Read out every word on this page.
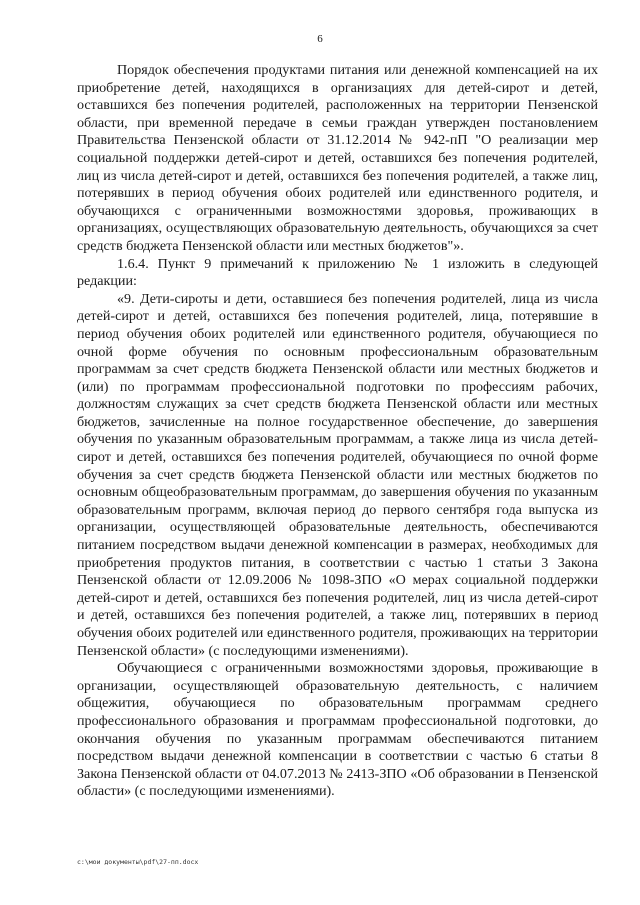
6

Порядок обеспечения продуктами питания или денежной компенсацией на их приобретение детей, находящихся в организациях для детей-сирот и детей, оставшихся без попечения родителей, расположенных на территории Пензенской области, при временной передаче в семьи граждан утвержден постановлением Правительства Пензенской области от 31.12.2014 № 942-пП "О реализации мер социальной поддержки детей-сирот и детей, оставшихся без попечения родителей, лиц из числа детей-сирот и детей, оставшихся без попечения родителей, а также лиц, потерявших в период обучения обоих родителей или единственного родителя, и обучающихся с ограниченными возможностями здоровья, проживающих в организациях, осуществляющих образовательную деятельность, обучающихся за счет средств бюджета Пензенской области или местных бюджетов"».

1.6.4. Пункт 9 примечаний к приложению № 1 изложить в следующей редакции:

«9. Дети-сироты и дети, оставшиеся без попечения родителей, лица из числа детей-сирот и детей, оставшихся без попечения родителей, лица, потерявшие в период обучения обоих родителей или единственного родителя, обучающиеся по очной форме обучения по основным профессиональным образовательным программам за счет средств бюджета Пензенской области или местных бюджетов и (или) по программам профессиональной подготовки по профессиям рабочих, должностям служащих за счет средств бюджета Пензенской области или местных бюджетов, зачисленные на полное государственное обеспечение, до завершения обучения по указанным образовательным программам, а также лица из числа детей-сирот и детей, оставшихся без попечения родителей, обучающиеся по очной форме обучения за счет средств бюджета Пензенской области или местных бюджетов по основным общеобразовательным программам, до завершения обучения по указанным образовательным программ, включая период до первого сентября года выпуска из организации, осуществляющей образовательные деятельность, обеспечиваются питанием посредством выдачи денежной компенсации в размерах, необходимых для приобретения продуктов питания, в соответствии с частью 1 статьи 3 Закона Пензенской области от 12.09.2006 № 1098-ЗПО «О мерах социальной поддержки детей-сирот и детей, оставшихся без попечения родителей, лиц из числа детей-сирот и детей, оставшихся без попечения родителей, а также лиц, потерявших в период обучения обоих родителей или единственного родителя, проживающих на территории Пензенской области» (с последующими изменениями).

Обучающиеся с ограниченными возможностями здоровья, проживающие в организации, осуществляющей образовательную деятельность, с наличием общежития, обучающиеся по образовательным программам среднего профессионального образования и программам профессиональной подготовки, до окончания обучения по указанным программам обеспечиваются питанием посредством выдачи денежной компенсации в соответствии с частью 6 статьи 8 Закона Пензенской области от 04.07.2013 № 2413-ЗПО «Об образовании в Пензенской области» (с последующими изменениями).

c:\мои документы\pdf\27-пп.docx
